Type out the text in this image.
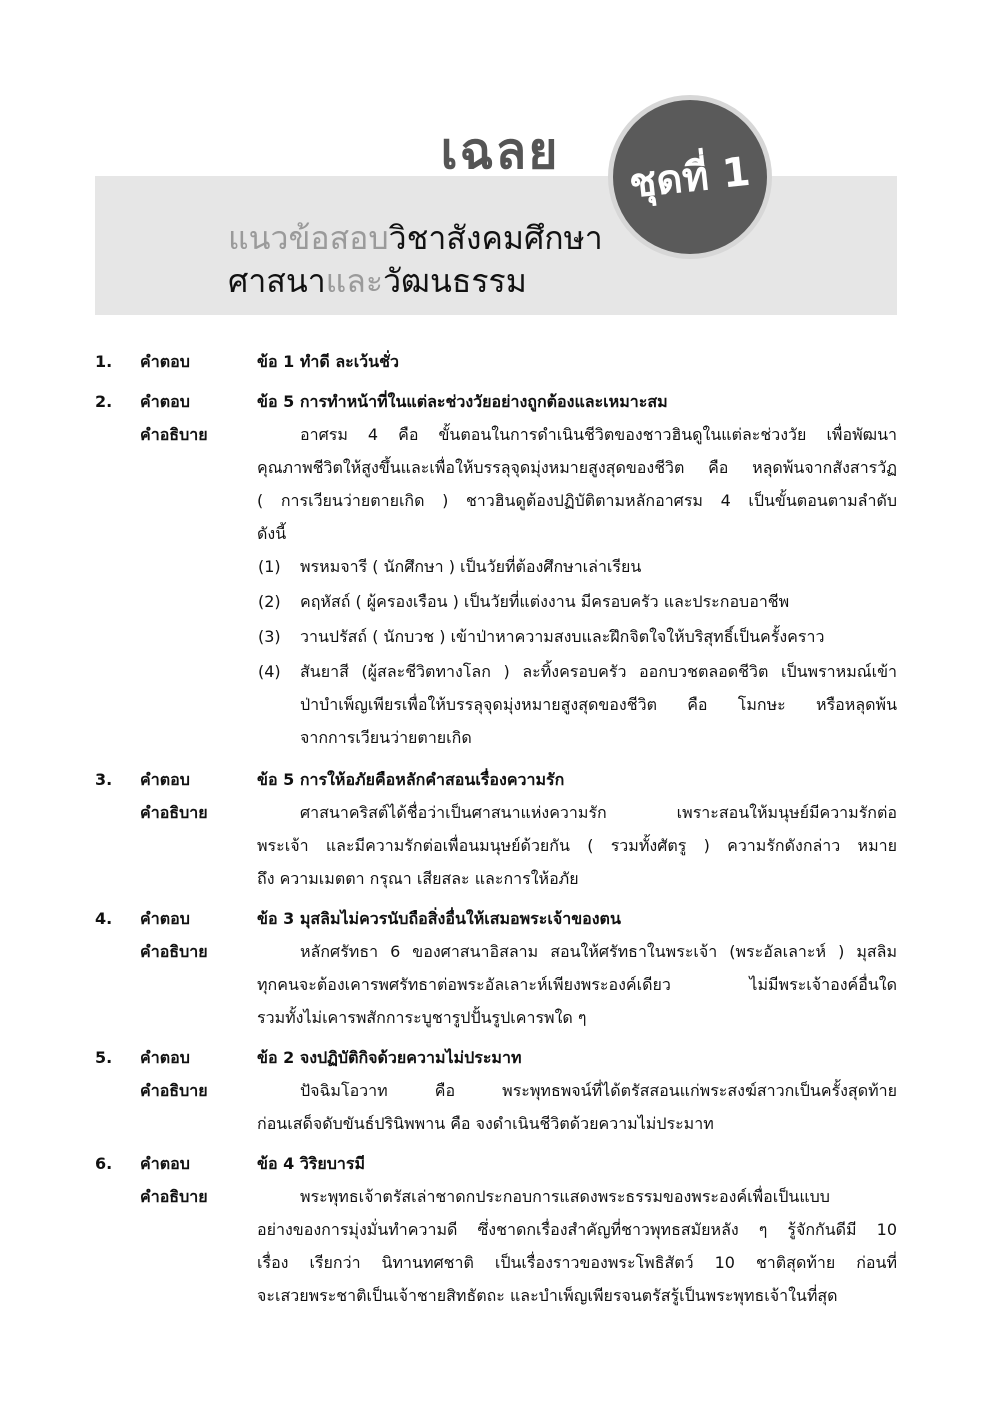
เฉลย
แนวข้อสอบวิชาสังคมศึกษา
ศาสนาและวัฒนธรรม
ชุดที่ 1
1. คำตอบ	ข้อ 1 ทำดี ละเว้นชั่ว
2. คำตอบ	ข้อ 5 การทำหน้าที่ในแต่ละช่วงวัยอย่างถูกต้องและเหมาะสม
คำอธิบาย	อาศรม 4 คือ ขั้นตอนในการดำเนินชีวิตของชาวฮินดูในแต่ละช่วงวัย เพื่อพัฒนา
คุณภาพชีวิตให้สูงขึ้นและเพื่อให้บรรลุจุดมุ่งหมายสูงสุดของชีวิต คือ หลุดพ้นจากสังสารวัฏ
( การเวียนว่ายตายเกิด ) ชาวฮินดูต้องปฏิบัติตามหลักอาศรม 4 เป็นขั้นตอนตามลำดับ
ดังนี้
(1) พรหมจารี ( นักศึกษา ) เป็นวัยที่ต้องศึกษาเล่าเรียน
(2) คฤหัสถ์ ( ผู้ครองเรือน ) เป็นวัยที่แต่งงาน มีครอบครัว และประกอบอาชีพ
(3) วานปรัสถ์ ( นักบวช ) เข้าป่าหาความสงบและฝึกจิตใจให้บริสุทธิ์เป็นครั้งคราว
(4) สันยาสี (ผู้สละชีวิตทางโลก ) ละทิ้งครอบครัว ออกบวชตลอดชีวิต เป็นพราหมณ์เข้า
ป่าบำเพ็ญเพียรเพื่อให้บรรลุจุดมุ่งหมายสูงสุดของชีวิต คือ โมกษะ หรือหลุดพ้น
จากการเวียนว่ายตายเกิด
3. คำตอบ	ข้อ 5 การให้อภัยคือหลักคำสอนเรื่องความรัก
คำอธิบาย	ศาสนาคริสต์ได้ชื่อว่าเป็นศาสนาแห่งความรัก เพราะสอนให้มนุษย์มีความรักต่อ
พระเจ้า และมีความรักต่อเพื่อนมนุษย์ด้วยกัน ( รวมทั้งศัตรู ) ความรักดังกล่าว หมาย
ถึง ความเมตตา กรุณา เสียสละ และการให้อภัย
4. คำตอบ	ข้อ 3 มุสลิมไม่ควรนับถือสิ่งอื่นให้เสมอพระเจ้าของตน
คำอธิบาย	หลักศรัทธา 6 ของศาสนาอิสลาม สอนให้ศรัทธาในพระเจ้า (พระอัลเลาะห์ ) มุสลิม
ทุกคนจะต้องเคารพศรัทธาต่อพระอัลเลาะห์เพียงพระองค์เดียว ไม่มีพระเจ้าองค์อื่นใด
รวมทั้งไม่เคารพสักการะบูชารูปปั้นรูปเคารพใด ๆ
5. คำตอบ	ข้อ 2 จงปฏิบัติกิจด้วยความไม่ประมาท
คำอธิบาย	ปัจฉิมโอวาท คือ พระพุทธพจน์ที่ได้ตรัสสอนแก่พระสงฆ์สาวกเป็นครั้งสุดท้าย
ก่อนเสด็จดับขันธ์ปรินิพพาน คือ จงดำเนินชีวิตด้วยความไม่ประมาท
6. คำตอบ	ข้อ 4 วิริยบารมี
คำอธิบาย	พระพุทธเจ้าตรัสเล่าชาดกประกอบการแสดงพระธรรมของพระองค์เพื่อเป็นแบบ
อย่างของการมุ่งมั่นทำความดี ซึ่งชาดกเรื่องสำคัญที่ชาวพุทธสมัยหลัง ๆ รู้จักกันดีมี 10
เรื่อง เรียกว่า นิทานทศชาติ เป็นเรื่องราวของพระโพธิสัตว์ 10 ชาติสุดท้าย ก่อนที่
จะเสวยพระชาติเป็นเจ้าชายสิทธัตถะ และบำเพ็ญเพียรจนตรัสรู้เป็นพระพุทธเจ้าในที่สุด
